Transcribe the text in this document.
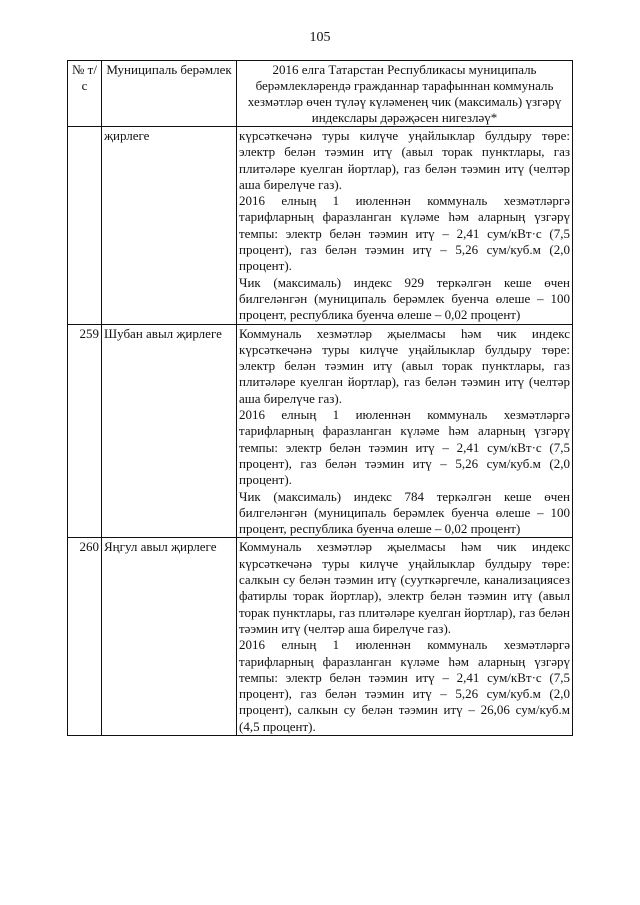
105
№ т/с	Муниципаль берәмлек	2016 елга Татарстан Республикасы муниципаль берәмлекләрендә гражданнар тарафыннан коммуналь хезмәтләр өчен түләү күләменең чик (максималь) үзгәрү индекслары дәрәҗәсен нигезләү*
	җирлеге	күрсәткечәнә туры килүче уңайлыклар булдыру төре: электр белән тәэмин итү (авыл торак пунктлары, газ плитәләре куелган йортлар), газ белән тәэмин итү (челтәр аша бирелүче газ).

2016 елның 1 июленнән коммуналь хезмәтләргә тарифларның фаразланган күләме һәм аларның үзгәрү темпы: электр белән тәэмин итү – 2,41 сум/кВт·с (7,5 процент), газ белән тәэмин итү – 5,26 сум/куб.м (2,0 процент).

Чик (максималь) индекс 929 теркәлгән кеше өчен билгеләнгән (муниципаль берәмлек буенча өлеше – 100 процент, республика буенча өлеше – 0,02 процент)

259	Шубан авыл җирлеге	Коммуналь хезмәтләр җыелмасы һәм чик индекс күрсәткечәнә туры килүче уңайлыклар булдыру төре: электр белән тәэмин итү (авыл торак пунктлары, газ плитәләре куелган йортлар), газ белән тәэмин итү (челтәр аша бирелүче газ).

2016 елның 1 июленнән коммуналь хезмәтләргә тарифларның фаразланган күләме һәм аларның үзгәрү темпы: электр белән тәэмин итү – 2,41 сум/кВт·с (7,5 процент), газ белән тәэмин итү – 5,26 сум/куб.м (2,0 процент).

Чик (максималь) индекс 784 теркәлгән кеше өчен билгеләнгән (муниципаль берәмлек буенча өлеше – 100 процент, республика буенча өлеше – 0,02 процент)

260	Яңгул авыл җирлеге	Коммуналь хезмәтләр җыелмасы һәм чик индекс күрсәткечәнә туры килүче уңайлыклар булдыру төре: салкын су белән тәэмин итү (сууткәргечле, канализациясез фатирлы торак йортлар), электр белән тәэмин итү (авыл торак пунктлары, газ плитәләре куелган йортлар), газ белән тәэмин итү (челтәр аша бирелүче газ).

2016 елның 1 июленнән коммуналь хезмәтләргә тарифларның фаразланган күләме һәм аларның үзгәрү темпы: электр белән тәэмин итү – 2,41 сум/кВт·с (7,5 процент), газ белән тәэмин итү – 5,26 сум/куб.м (2,0 процент), салкын су белән тәэмин итү – 26,06 сум/куб.м (4,5 процент).
